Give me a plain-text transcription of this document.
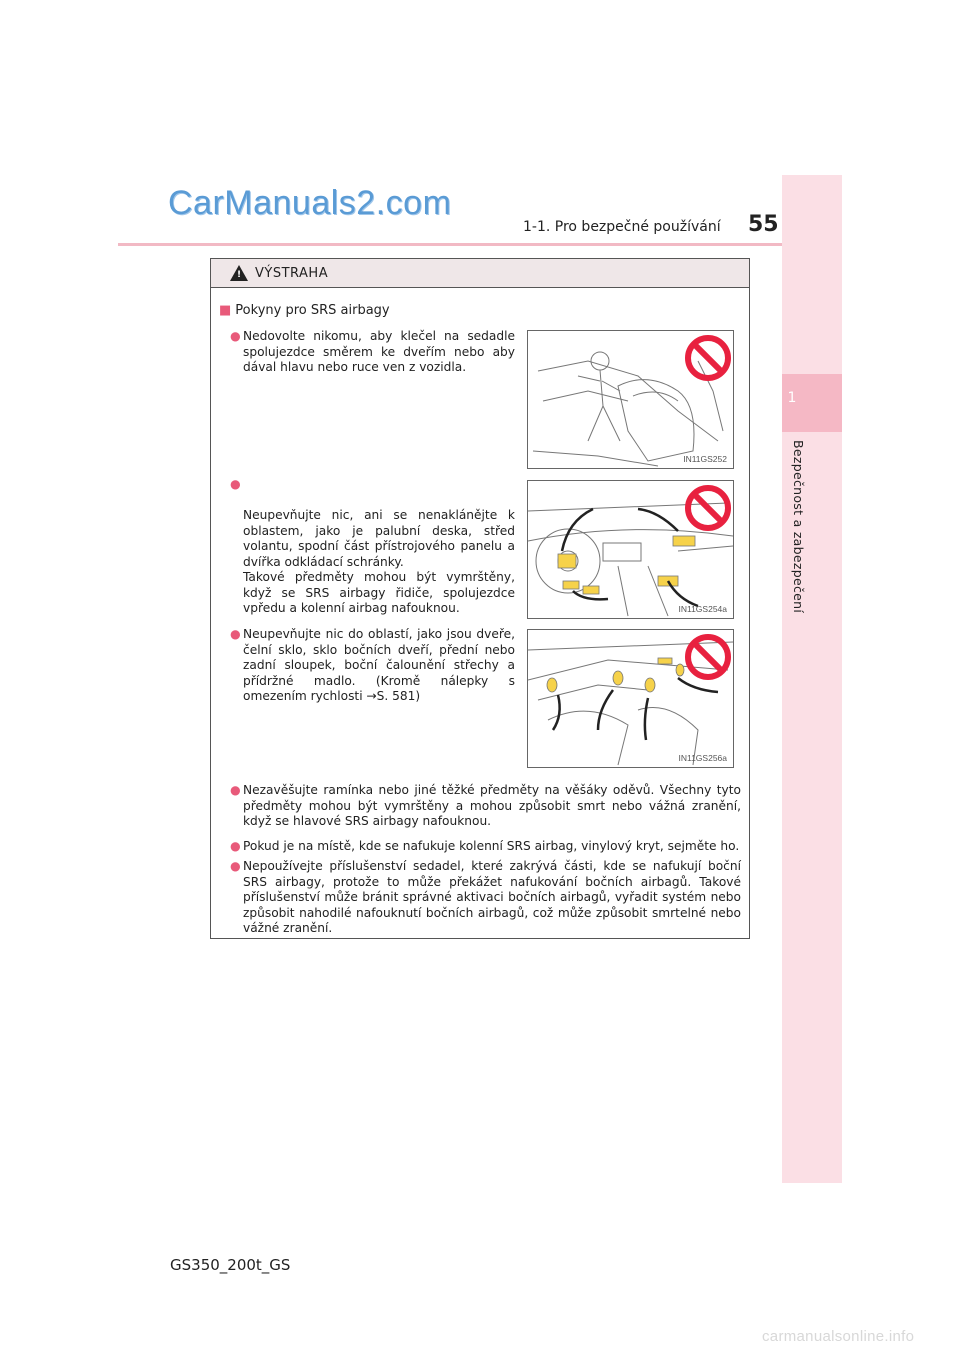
CarManuals2.com
1-1. Pro bezpečné používání 55
1
Bezpečnost a zabezpečení
! VÝSTRAHA
■ Pokyny pro SRS airbagy
● Nedovolte nikomu, aby klečel na sedadle spolujezdce směrem ke dveřím nebo aby dával hlavu nebo ruce ven z vozidla.
IN11GS252

●

Neupevňujte nic, ani se nenaklánějte k oblastem, jako je palubní deska, střed volantu, spodní část přístrojového panelu a dvířka odkládací schránky.
Takové předměty mohou být vymrštěny, když se SRS airbagy řidiče, spolujezdce vpředu a kolenní airbag nafouknou.	IN11GS254a
● Neupevňujte nic do oblastí, jako jsou dveře, čelní sklo, sklo bočních dveří, přední nebo zadní sloupek, boční čalounění střechy a přídržné madlo. (Kromě nálepky s omezením rychlosti →S. 581)
IN11GS256a
● Nezavěšujte ramínka nebo jiné těžké předměty na věšáky oděvů. Všechny tyto předměty mohou být vymrštěny a mohou způsobit smrt nebo vážná zranění, když se hlavové SRS airbagy nafouknou.
● Pokud je na místě, kde se nafukuje kolenní SRS airbag, vinylový kryt, sejměte ho.
● Nepoužívejte příslušenství sedadel, které zakrývá části, kde se nafukují boční SRS airbagy, protože to může překážet nafukování bočních airbagů. Takové příslušenství může bránit správné aktivaci bočních airbagů, vyřadit systém nebo způsobit nahodilé nafouknutí bočních airbagů, což může způsobit smrtelné nebo vážné zranění.
GS350_200t_GS
carmanualsonline.info
